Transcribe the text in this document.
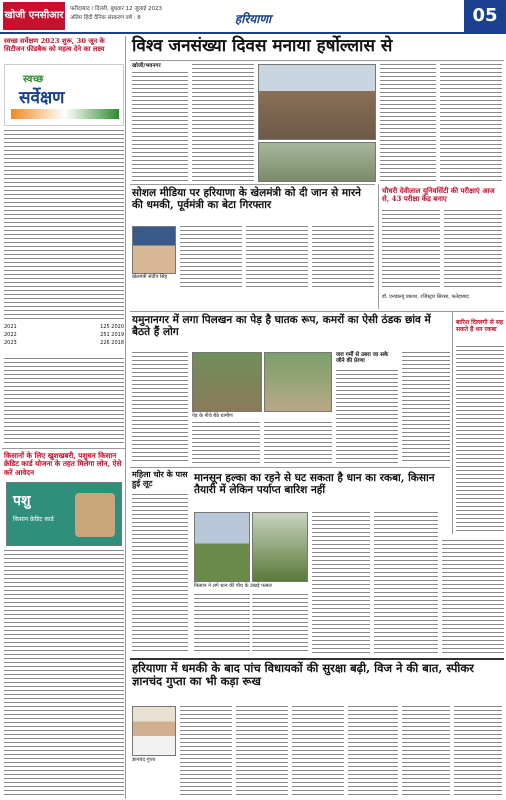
खोजी एनसीआर
फरीदाबाद / दिल्ली, बुधवार 12 जुलाई 2023
अंतिम हिंदी दैनिक संस्करण वर्ष : 8	हरियाणा	05
स्वच्छ सर्वेक्षण 2023 शुरू, 30 जून के सिटीजन फ़ीडबैक को महत्व देने का लक्ष्य
स्वच्छ
सर्वेक्षण
2021	125 2020
2022	251 2019
2023	226 2018
किसानों के लिए खुशखबरी, पशुधन किसान क्रेडिट कार्ड योजना के तहत मिलेगा लोन, ऐसे करें आवेदन
पशु
किसान क्रेडिट कार्ड
विश्व जनसंख्या दिवस मनाया हर्षोल्लास से
खोजी/भवनगर
सोशल मीडिया पर हरियाणा के खेलमंत्री को दी जान से मारने की धमकी, पूर्वमंत्री का बेटा गिरफ्तार
खेलमंत्री संदीप सिंह
चौधरी देवीलाल यूनिवर्सिटी की परीक्षाएं आज से, 43 परीक्षा केंद्र बनाए
डॉ. एनडब्ल्यू प्रकाश, रजिस्ट्रार सिरसा, फतेहाबाद
यमुनानगर में लगा पिलखन का पेड़ है घातक रूप, कमरों का ऐसी ठंडक छांव में बैठते हैं लोग
पेड़ के नीचे बैठे ग्रामीण
जरा गर्मी से उबरा जा सके जीने की प्रेरणा
बारिश दिल्लगी से सह सकते हैं धन रकबा
महिला चोर के पास हुई लूट	मानसून हल्का का रहने से घट सकता है धान का रकबा, किसान तैयारी में लेकिन पर्याप्त बारिश नहीं
किसान ने लगे धान की पौध के उखड़े फसल
हरियाणा में धमकी के बाद पांच विधायकों की सुरक्षा बढ़ी, विज ने की बात, स्पीकर ज्ञानचंद गुप्ता का भी कड़ा रूख
ज्ञानचंद गुप्ता
